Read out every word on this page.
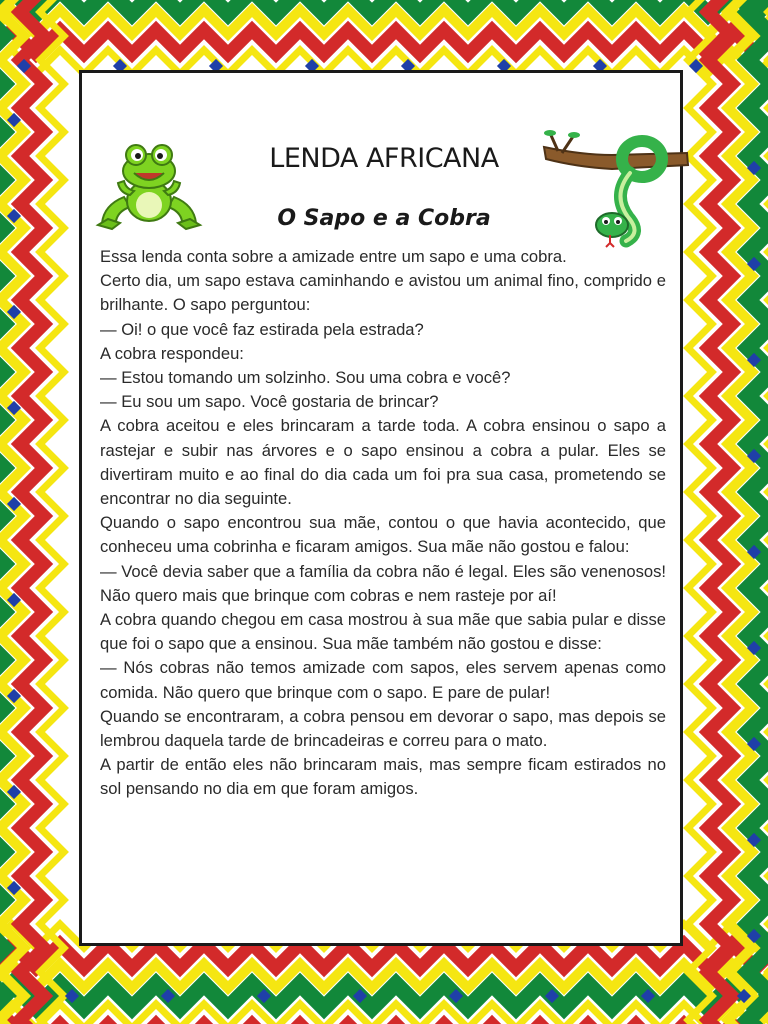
LENDA AFRICANA
O Sapo e a Cobra

Essa lenda conta sobre a amizade entre um sapo e uma cobra.

Certo dia, um sapo estava caminhando e avistou um animal fino, comprido e brilhante. O sapo perguntou:

— Oi! o que você faz estirada pela estrada?

A cobra respondeu:

— Estou tomando um solzinho. Sou uma cobra e você?

— Eu sou um sapo. Você gostaria de brincar?

A cobra aceitou e eles brincaram a tarde toda. A cobra ensinou o sapo a rastejar e subir nas árvores e o sapo ensinou a cobra a pular. Eles se divertiram muito e ao final do dia cada um foi pra sua casa, prometendo se encontrar no dia seguinte.

Quando o sapo encontrou sua mãe, contou o que havia acontecido, que conheceu uma cobrinha e ficaram amigos. Sua mãe não gostou e falou:

— Você devia saber que a família da cobra não é legal. Eles são venenosos! Não quero mais que brinque com cobras e nem rasteje por aí!

A cobra quando chegou em casa mostrou à sua mãe que sabia pular e disse que foi o sapo que a ensinou. Sua mãe também não gostou e disse:

— Nós cobras não temos amizade com sapos, eles servem apenas como comida. Não quero que brinque com o sapo. E pare de pular!

Quando se encontraram, a cobra pensou em devorar o sapo, mas depois se lembrou daquela tarde de brincadeiras e correu para o mato.

A partir de então eles não brincaram mais, mas sempre ficam estirados no sol pensando no dia em que foram amigos.
